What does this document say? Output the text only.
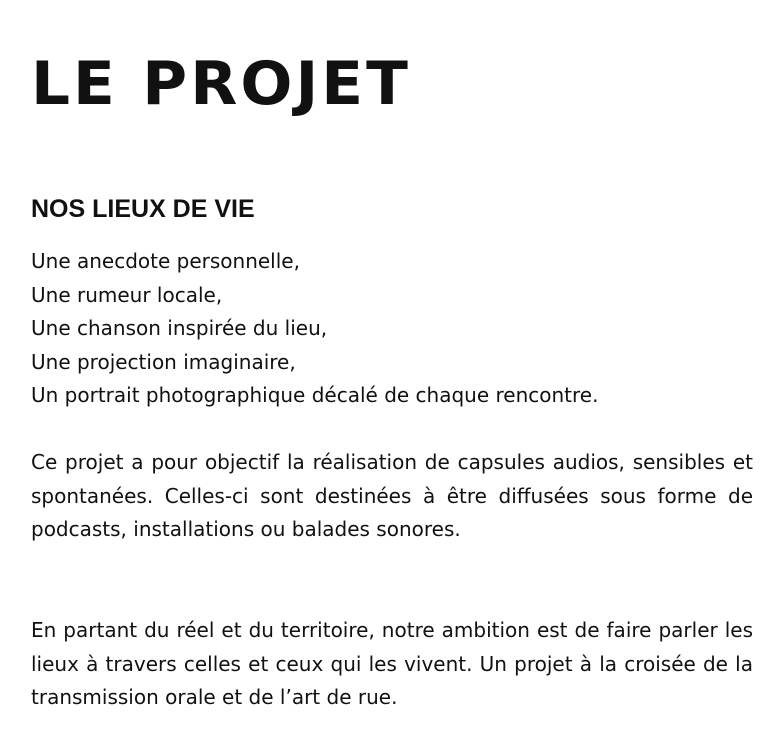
LE PROJET
NOS LIEUX DE VIE
Une anecdote personnelle,
Une rumeur locale,
Une chanson inspirée du lieu,
Une projection imaginaire,
Un portrait photographique décalé de chaque rencontre.

Ce projet a pour objectif la réalisation de capsules audios, sensibles et spontanées. Celles-ci sont destinées à être diffusées sous forme de podcasts, installations ou balades sonores.

En partant du réel et du territoire, notre ambition est de faire parler les lieux à travers celles et ceux qui les vivent. Un projet à la croisée de la transmission orale et de l’art de rue.
